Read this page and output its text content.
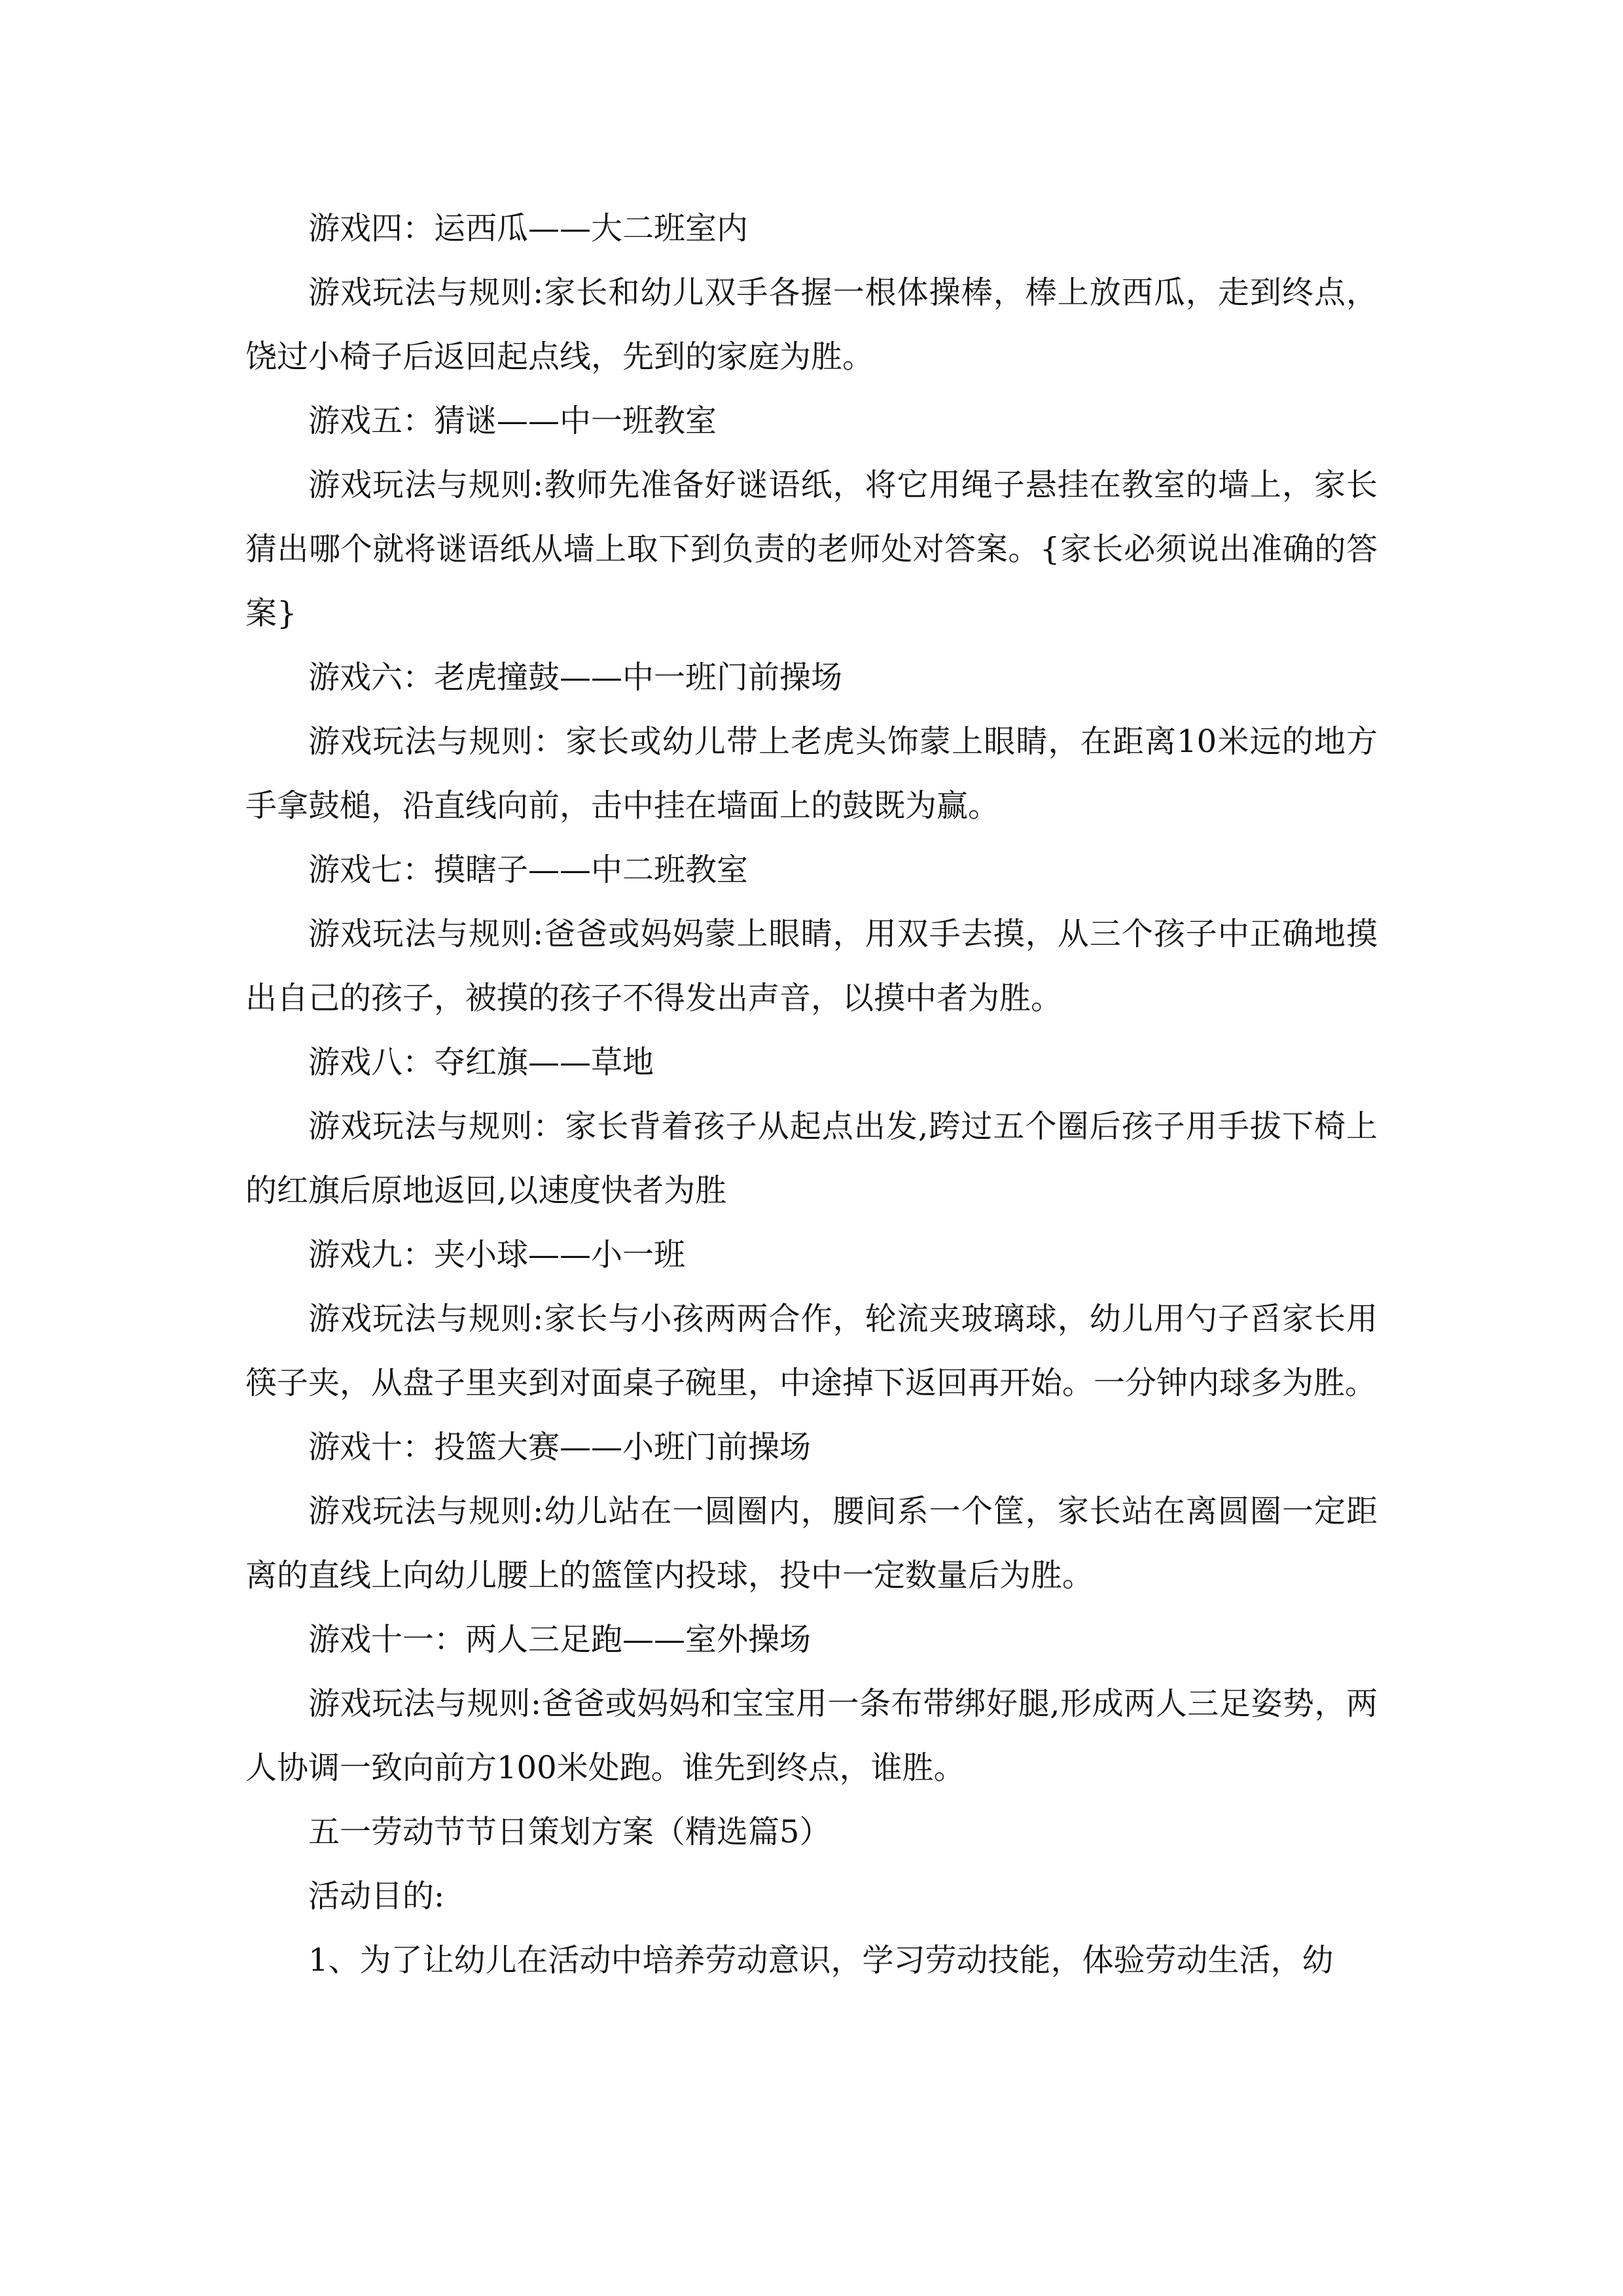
游戏四：运西瓜——大二班室内

游戏玩法与规则:家长和幼儿双手各握一根体操棒，棒上放西瓜，走到终点，饶过小椅子后返回起点线，先到的家庭为胜。

游戏五：猜谜——中一班教室

游戏玩法与规则:教师先准备好谜语纸，将它用绳子悬挂在教室的墙上，家长猜出哪个就将谜语纸从墙上取下到负责的老师处对答案。{家长必须说出准确的答案}

游戏六：老虎撞鼓——中一班门前操场

游戏玩法与规则：家长或幼儿带上老虎头饰蒙上眼睛，在距离10米远的地方手拿鼓槌，沿直线向前，击中挂在墙面上的鼓既为赢。

游戏七：摸瞎子——中二班教室

游戏玩法与规则:爸爸或妈妈蒙上眼睛，用双手去摸，从三个孩子中正确地摸出自己的孩子，被摸的孩子不得发出声音，以摸中者为胜。

游戏八：夺红旗——草地

游戏玩法与规则：家长背着孩子从起点出发,跨过五个圈后孩子用手拔下椅上的红旗后原地返回,以速度快者为胜

游戏九：夹小球——小一班

游戏玩法与规则:家长与小孩两两合作，轮流夹玻璃球，幼儿用勺子舀家长用筷子夹，从盘子里夹到对面桌子碗里，中途掉下返回再开始。一分钟内球多为胜。

游戏十：投篮大赛——小班门前操场

游戏玩法与规则:幼儿站在一圆圈内，腰间系一个筐，家长站在离圆圈一定距离的直线上向幼儿腰上的篮筐内投球，投中一定数量后为胜。

游戏十一：两人三足跑——室外操场

游戏玩法与规则:爸爸或妈妈和宝宝用一条布带绑好腿,形成两人三足姿势，两人协调一致向前方100米处跑。谁先到终点，谁胜。

五一劳动节节日策划方案（精选篇5）

活动目的:

1、为了让幼儿在活动中培养劳动意识，学习劳动技能，体验劳动生活，幼
